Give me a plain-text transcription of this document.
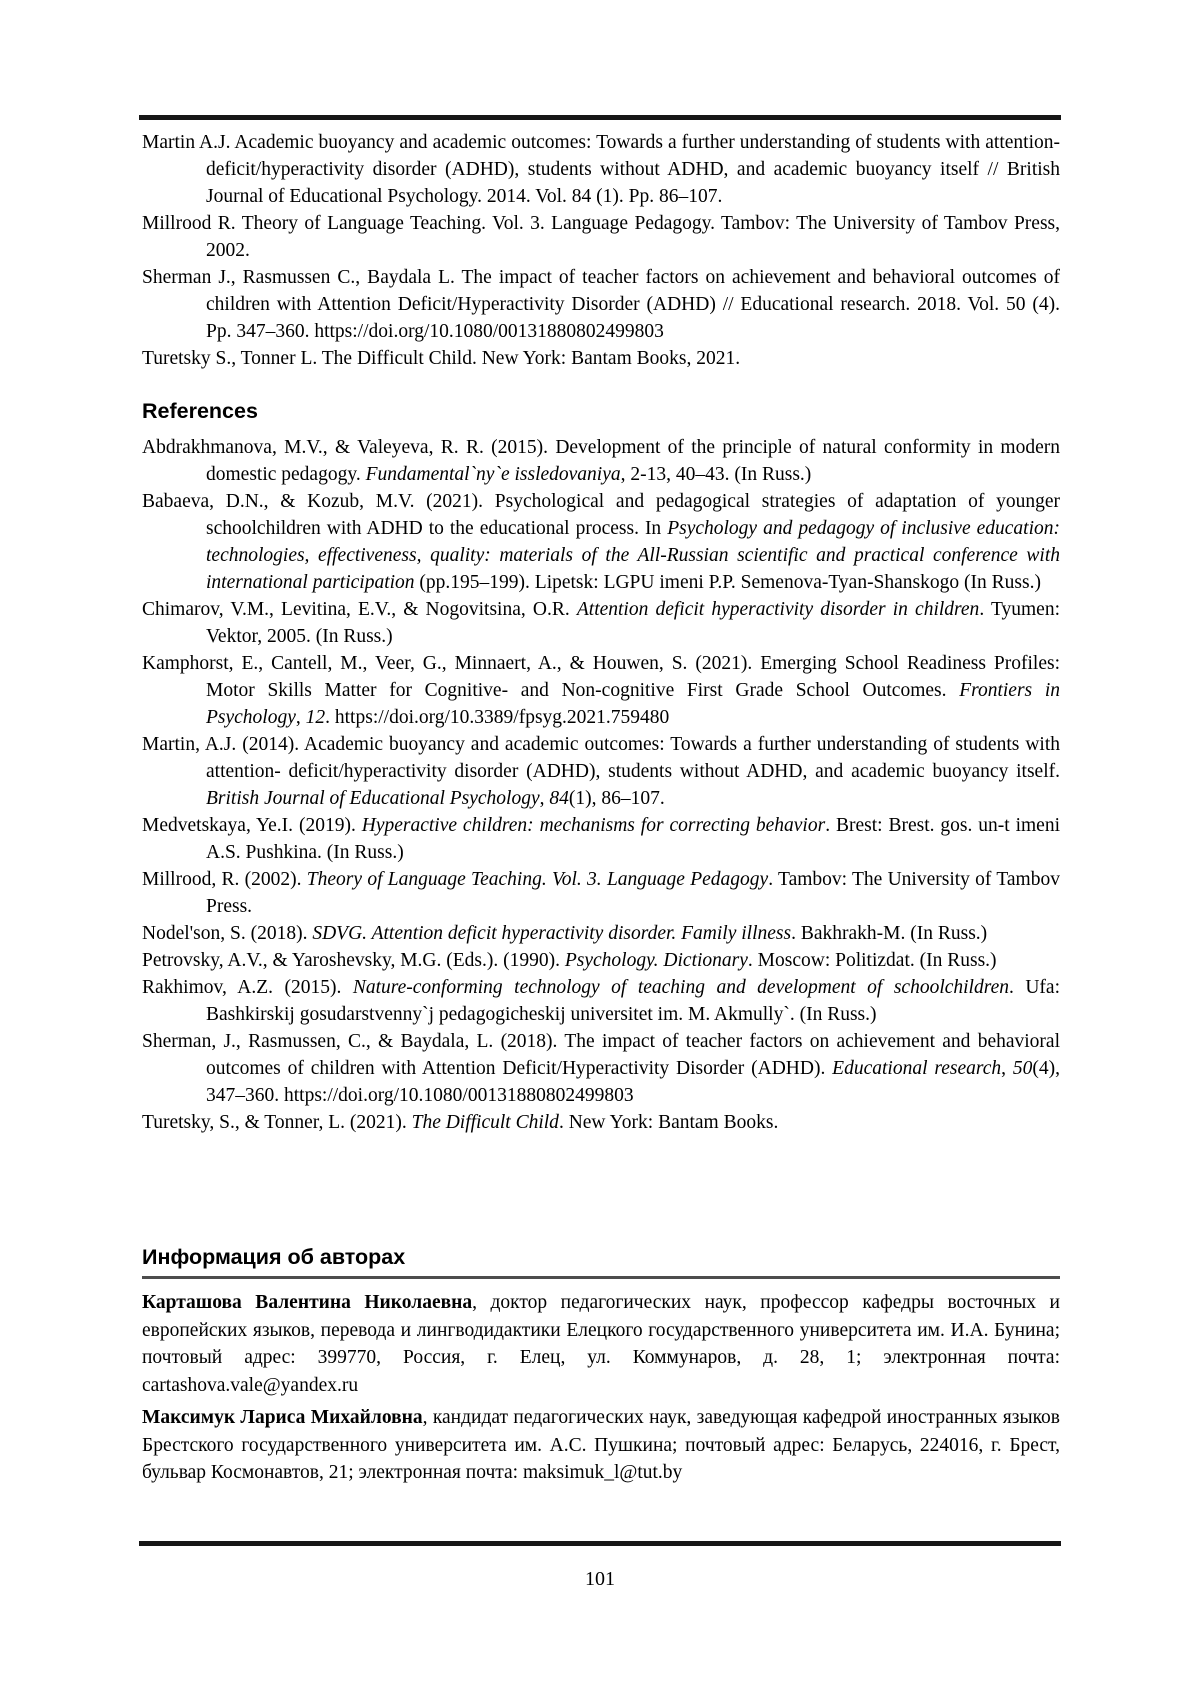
Martin A.J. Academic buoyancy and academic outcomes: Towards a further understanding of students with attention- deficit/hyperactivity disorder (ADHD), students without ADHD, and academic buoyancy itself // British Journal of Educational Psychology. 2014. Vol. 84 (1). Pp. 86–107.

Millrood R. Theory of Language Teaching. Vol. 3. Language Pedagogy. Tambov: The University of Tambov Press, 2002.

Sherman J., Rasmussen C., Baydala L. The impact of teacher factors on achievement and behavioral outcomes of children with Attention Deficit/Hyperactivity Disorder (ADHD) // Educational research. 2018. Vol. 50 (4). Pp. 347–360. https://doi.org/10.1080/00131880802499803

Turetsky S., Tonner L. The Difficult Child. New York: Bantam Books, 2021.

References

Abdrakhmanova, M.V., & Valeyeva, R. R. (2015). Development of the principle of natural conformity in modern domestic pedagogy. Fundamental`ny`e issledovaniya, 2-13, 40–43. (In Russ.)

Babaeva, D.N., & Kozub, M.V. (2021). Psychological and pedagogical strategies of adaptation of younger schoolchildren with ADHD to the educational process. In Psychology and pedagogy of inclusive education: technologies, effectiveness, quality: materials of the All-Russian scientific and practical conference with international participation (pp.195–199). Lipetsk: LGPU imeni P.P. Semenova-Tyan-Shanskogo (In Russ.)

Chimarov, V.M., Levitina, E.V., & Nogovitsina, O.R. Attention deficit hyperactivity disorder in children. Tyumen: Vektor, 2005. (In Russ.)

Kamphorst, E., Cantell, M., Veer, G., Minnaert, A., & Houwen, S. (2021). Emerging School Readiness Profiles: Motor Skills Matter for Cognitive- and Non-cognitive First Grade School Outcomes. Frontiers in Psychology, 12. https://doi.org/10.3389/fpsyg.2021.759480

Martin, A.J. (2014). Academic buoyancy and academic outcomes: Towards a further understanding of students with attention- deficit/hyperactivity disorder (ADHD), students without ADHD, and academic buoyancy itself. British Journal of Educational Psychology, 84(1), 86–107.

Medvetskaya, Ye.I. (2019). Hyperactive children: mechanisms for correcting behavior. Brest: Brest. gos. un-t imeni A.S. Pushkina. (In Russ.)

Millrood, R. (2002). Theory of Language Teaching. Vol. 3. Language Pedagogy. Tambov: The University of Tambov Press.

Nodel'son, S. (2018). SDVG. Attention deficit hyperactivity disorder. Family illness. Bakhrakh-M. (In Russ.)

Petrovsky, A.V., & Yaroshevsky, M.G. (Eds.). (1990). Psychology. Dictionary. Moscow: Politizdat. (In Russ.)

Rakhimov, A.Z. (2015). Nature-conforming technology of teaching and development of schoolchildren. Ufa: Bashkirskij gosudarstvenny`j pedagogicheskij universitet im. M. Akmully`. (In Russ.)

Sherman, J., Rasmussen, C., & Baydala, L. (2018). The impact of teacher factors on achievement and behavioral outcomes of children with Attention Deficit/Hyperactivity Disorder (ADHD). Educational research, 50(4), 347–360. https://doi.org/10.1080/00131880802499803

Turetsky, S., & Tonner, L. (2021). The Difficult Child. New York: Bantam Books.

Информация об авторах

Карташова Валентина Николаевна, доктор педагогических наук, профессор кафедры восточных и европейских языков, перевода и лингводидактики Елецкого государственного университета им. И.А. Бунина; почтовый адрес: 399770, Россия, г. Елец, ул. Коммунаров, д. 28, 1; электронная почта: cartashova.vale@yandex.ru

Максимук Лариса Михайловна, кандидат педагогических наук, заведующая кафедрой иностранных языков Брестского государственного университета им. А.С. Пушкина; почтовый адрес: Беларусь, 224016, г. Брест, бульвар Космонавтов, 21; электронная почта: maksimuk_l@tut.by

101
